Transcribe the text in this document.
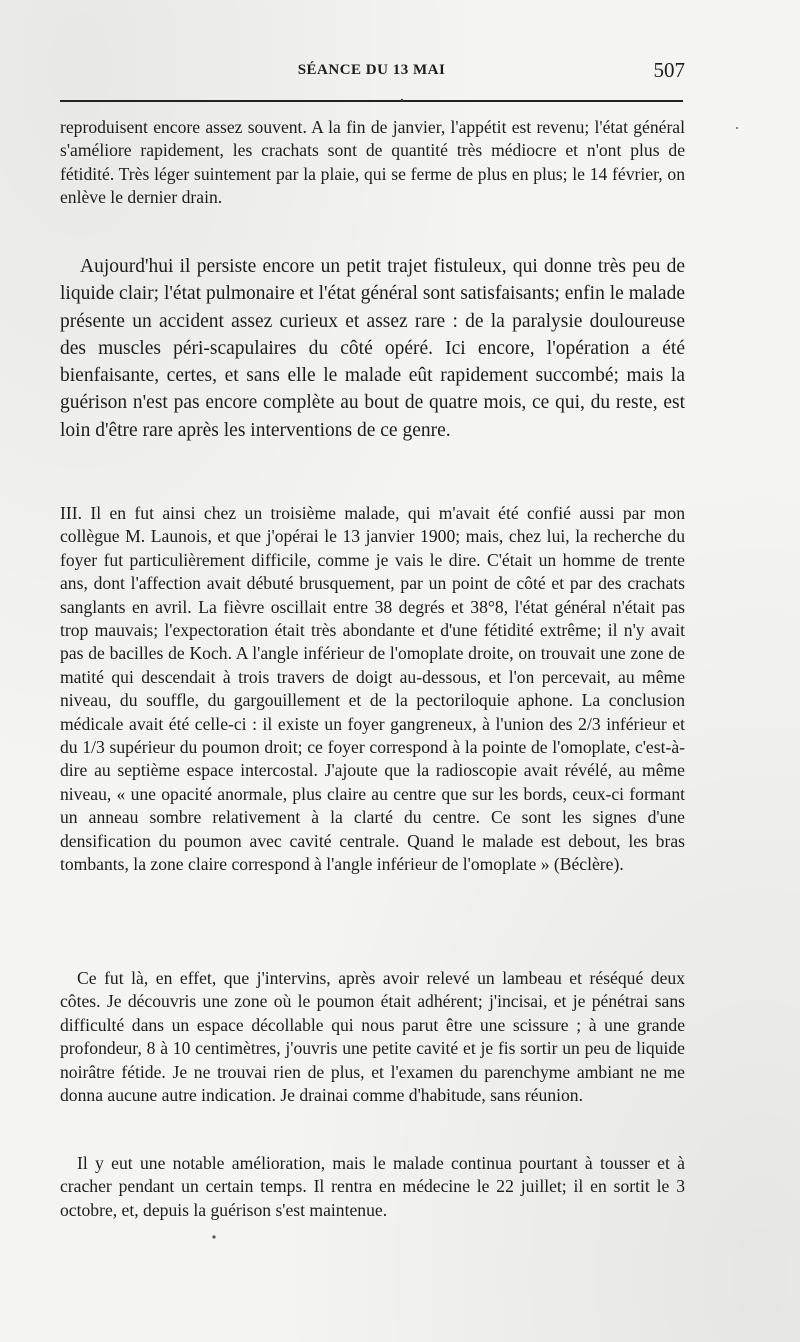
SÉANCE DU 13 MAI	507

reproduisent encore assez souvent. A la fin de janvier, l'appétit est revenu; l'état général s'améliore rapidement, les crachats sont de quantité très médiocre et n'ont plus de fétidité. Très léger suintement par la plaie, qui se ferme de plus en plus; le 14 février, on enlève le dernier drain.

Aujourd'hui il persiste encore un petit trajet fistuleux, qui donne très peu de liquide clair; l'état pulmonaire et l'état général sont satisfaisants; enfin le malade présente un accident assez curieux et assez rare : de la paralysie douloureuse des muscles péri-scapulaires du côté opéré. Ici encore, l'opération a été bienfaisante, certes, et sans elle le malade eût rapidement succombé; mais la guérison n'est pas encore complète au bout de quatre mois, ce qui, du reste, est loin d'être rare après les interventions de ce genre.

III. Il en fut ainsi chez un troisième malade, qui m'avait été confié aussi par mon collègue M. Launois, et que j'opérai le 13 janvier 1900; mais, chez lui, la recherche du foyer fut particulièrement difficile, comme je vais le dire. C'était un homme de trente ans, dont l'affection avait débuté brusquement, par un point de côté et par des crachats sanglants en avril. La fièvre oscillait entre 38 degrés et 38°8, l'état général n'était pas trop mauvais; l'expectoration était très abondante et d'une fétidité extrême; il n'y avait pas de bacilles de Koch. A l'angle inférieur de l'omoplate droite, on trouvait une zone de matité qui descendait à trois travers de doigt au-dessous, et l'on percevait, au même niveau, du souffle, du gargouillement et de la pectoriloquie aphone. La conclusion médicale avait été celle-ci : il existe un foyer gangreneux, à l'union des 2/3 inférieur et du 1/3 supérieur du poumon droit; ce foyer correspond à la pointe de l'omoplate, c'est-à-dire au septième espace intercostal. J'ajoute que la radioscopie avait révélé, au même niveau, « une opacité anormale, plus claire au centre que sur les bords, ceux-ci formant un anneau sombre relativement à la clarté du centre. Ce sont les signes d'une densification du poumon avec cavité centrale. Quand le malade est debout, les bras tombants, la zone claire correspond à l'angle inférieur de l'omoplate » (Béclère).

Ce fut là, en effet, que j'intervins, après avoir relevé un lambeau et réséqué deux côtes. Je découvris une zone où le poumon était adhérent; j'incisai, et je pénétrai sans difficulté dans un espace décollable qui nous parut être une scissure ; à une grande profondeur, 8 à 10 centimètres, j'ouvris une petite cavité et je fis sortir un peu de liquide noirâtre fétide. Je ne trouvai rien de plus, et l'examen du parenchyme ambiant ne me donna aucune autre indication. Je drainai comme d'habitude, sans réunion.

Il y eut une notable amélioration, mais le malade continua pourtant à tousser et à cracher pendant un certain temps. Il rentra en médecine le 22 juillet; il en sortit le 3 octobre, et, depuis la guérison s'est maintenue.
